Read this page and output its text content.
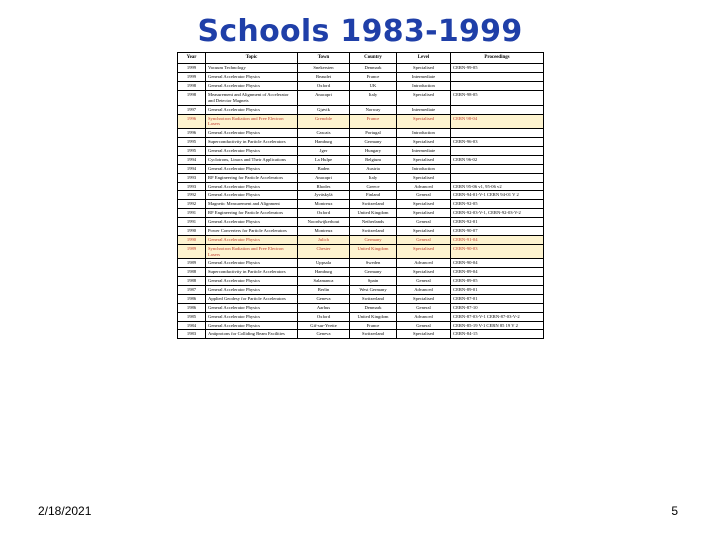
Schools 1983-1999
Year	Topic	Town	Country	Level	Proceedings
1999	Vacuum Technology	Snekersten	Denmark	Specialised	CERN-99-05
1999	General Accelerator Physics	Beaudet	France	Intermediate	
1998	General Accelerator Physics	Oxford	UK	Introduction	
1998	Measurement and Alignment of Accelerator and Detector Magnets	Anacapri	Italy	Specialised	CERN-98-05
1997	General Accelerator Physics	Gjøvik	Norway	Intermediate	
1996	Synchrotron Radiation and Free Electron Lasers	Grenoble	France	Specialised	CERN 98-04
1996	General Accelerator Physics	Cascais	Portugal	Introduction	
1995	Superconductivity in Particle Accelerators	Hamburg	Germany	Specialised	CERN-96-03
1995	General Accelerator Physics	Jger	Hungary	Intermediate	
1994	Cyclotrons, Linacs and Their Applications	La Hulpe	Belgium	Specialised	CERN 96-02
1994	General Accelerator Physics	Baden	Austria	Introduction	
1993	RF Engineering for Particle Accelerators	Anacapri	Italy	Specialised	
1993	General Accelerator Physics	Rhodes	Greece	Advanced	CERN 95-06 v1, 95-06 v2
1992	General Accelerator Physics	Jyväskylä	Finland	General	CERN-94-01-V-1 CERN 94-01 V 2
1992	Magnetic Measurement and Alignment	Montreux	Switzerland	Specialised	CERN-92-05
1991	RF Engineering for Particle Accelerators	Oxford	United Kingdom	Specialised	CERN-92-03-V-1, CERN-92-03-V-2
1991	General Accelerator Physics	Noordwijkerhout	Netherlands	General	CERN-92-01
1990	Power Converters for Particle Accelerators	Montreux	Switzerland	Specialised	CERN-90-07
1990	General Accelerator Physics	Julich	Germany	General	CERN-91-04
1989	Synchrotron Radiation and Free Electron Lasers	Chester	United Kingdom	Specialised	CERN-90-03
1989	General Accelerator Physics	Uppsala	Sweden	Advanced	CERN-90-04
1988	Superconductivity in Particle Accelerators	Hamburg	Germany	Specialised	CERN-89-04
1988	General Accelerator Physics	Salamanca	Spain	General	CERN-89-05
1987	General Accelerator Physics	Berlin	West Germany	Advanced	CERN-89-01
1986	Applied Geodesy for Particle Accelerators	Geneva	Switzerland	Specialised	CERN-87-01
1986	General Accelerator Physics	Aarhus	Denmark	General	CERN-87-10
1985	General Accelerator Physics	Oxford	United Kingdom	Advanced	CERN-87-03-V-1 CERN-87-03-V-2
1984	General Accelerator Physics	Gif-sur-Yvette	France	General	CERN-85-19 V-1 CERN 85 19 V 2
1983	Antiprotons for Colliding Beam Facilities	Geneva	Switzerland	Specialised	CERN-84-15
2/18/2021	5
